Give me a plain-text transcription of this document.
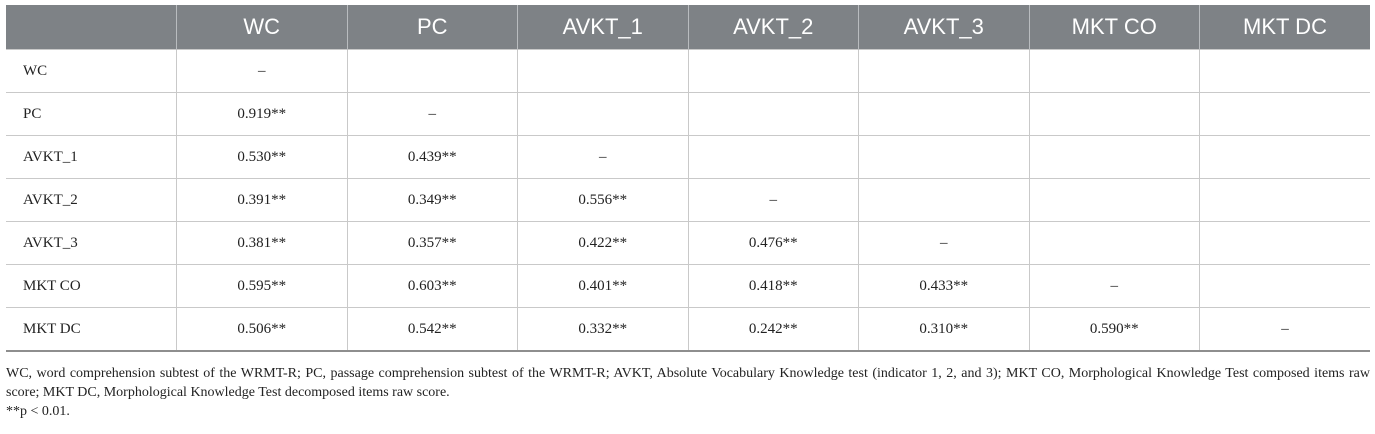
	WC	PC	AVKT_1	AVKT_2	AVKT_3	MKT CO	MKT DC
WC	–						
PC	0.919**	–					
AVKT_1	0.530**	0.439**	–				
AVKT_2	0.391**	0.349**	0.556**	–			
AVKT_3	0.381**	0.357**	0.422**	0.476**	–		
MKT CO	0.595**	0.603**	0.401**	0.418**	0.433**	–	
MKT DC	0.506**	0.542**	0.332**	0.242**	0.310**	0.590**	–

WC, word comprehension subtest of the WRMT-R; PC, passage comprehension subtest of the WRMT-R; AVKT, Absolute Vocabulary Knowledge test (indicator 1, 2, and 3); MKT CO, Morphological Knowledge Test composed items raw score; MKT DC, Morphological Knowledge Test decomposed items raw score.

**p < 0.01.
